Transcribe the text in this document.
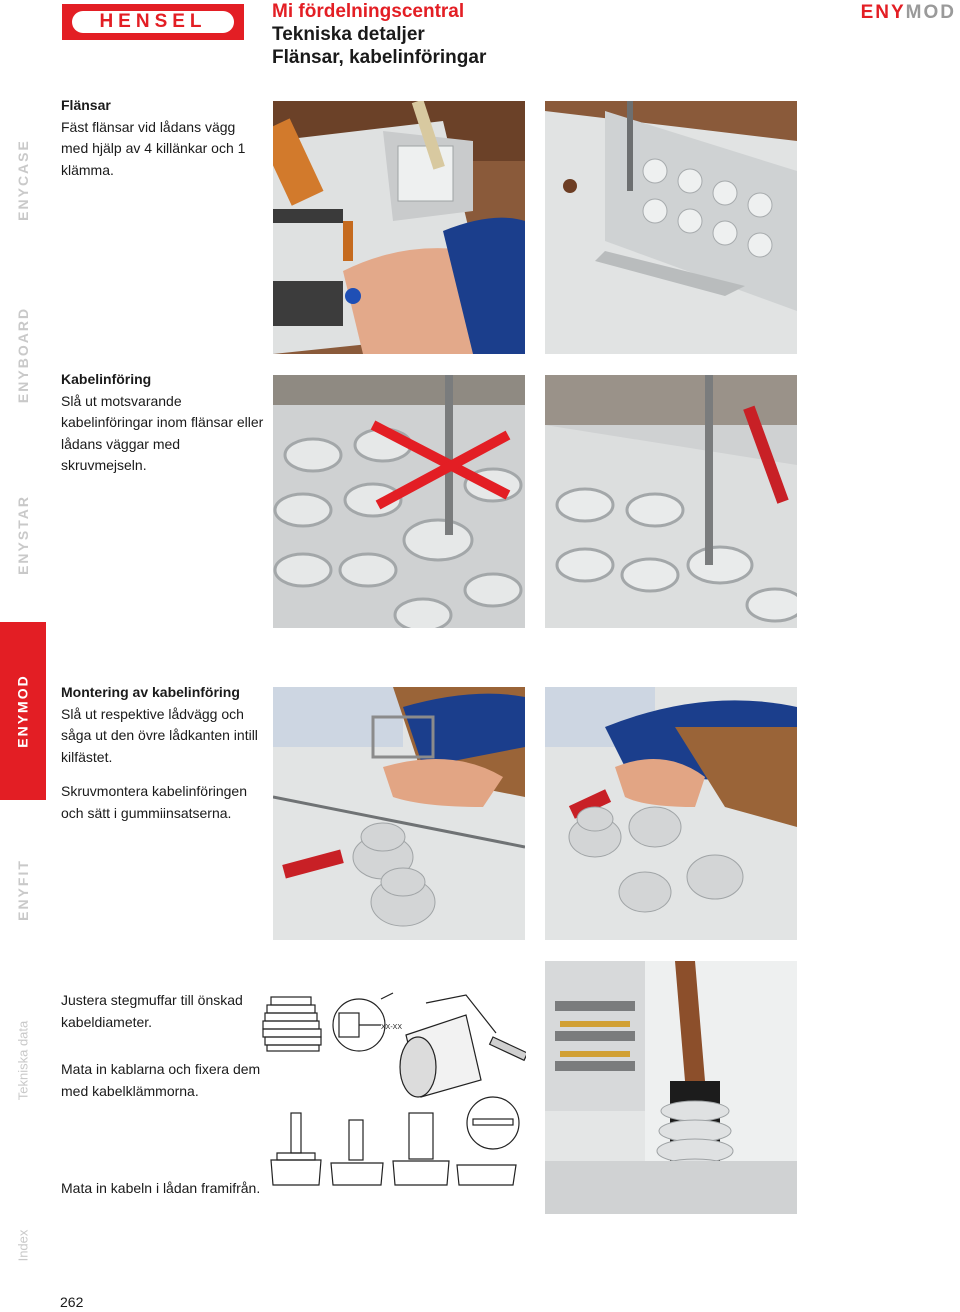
HENSEL	Mi fördelningscentral
Tekniska detaljer
Flänsar, kabelinföringar
ENYMOD
ENYCASE
ENYBOARD
ENYSTAR
ENYMOD
ENYFIT
Tekniska data
Index
Flänsar

Fäst flänsar vid lådans vägg med hjälp av 4 killänkar och 1 klämma.

Kabelinföring

Slå ut motsvarande kabelinföringar inom flänsar eller lådans väggar med skruvmejseln.

Montering av kabelinföring

Slå ut respektive lådvägg och såga ut den övre lådkanten intill kilfästet.

Skruvmontera kabelinföringen och sätt i gummiinsatserna.

Justera stegmuffar till önskad kabeldiameter.

Mata in kablarna och fixera dem med kabelklämmorna.

Mata in kabeln i lådan framifrån.

XX-XX
262
